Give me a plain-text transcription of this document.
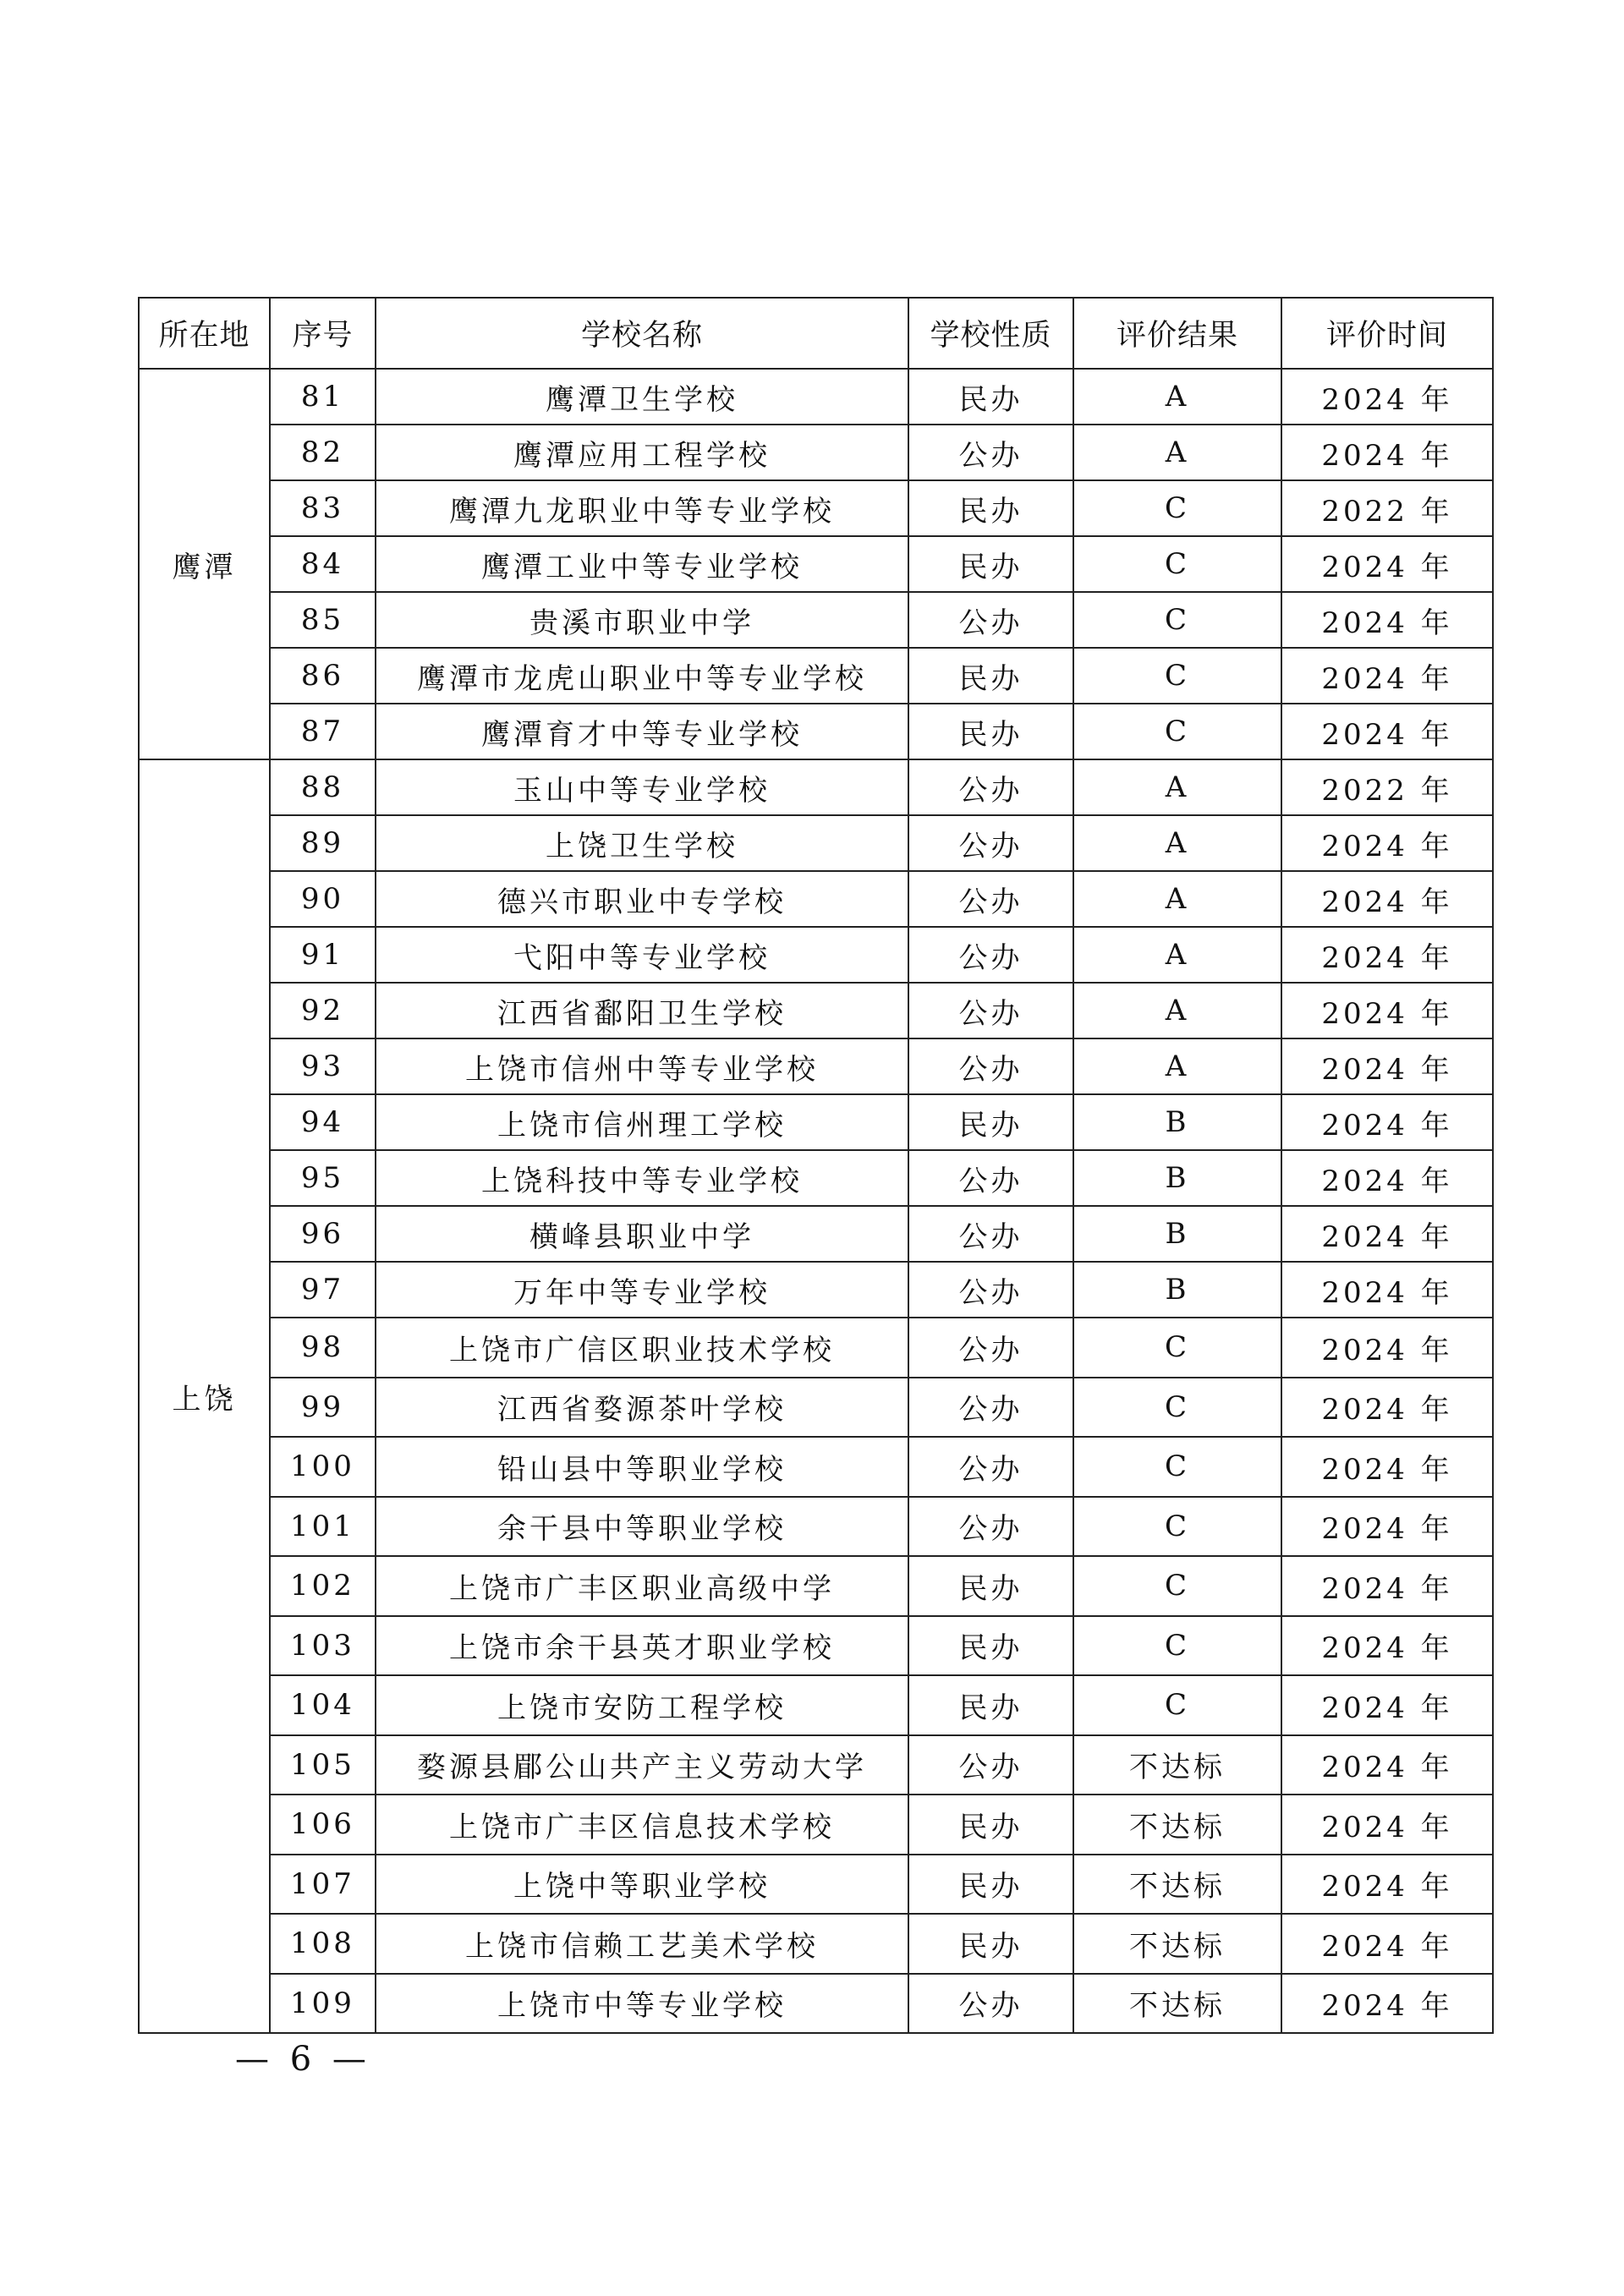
所在地	序号	学校名称	学校性质	评价结果	评价时间
鹰潭	81	鹰潭卫生学校	民办	A	2024 年
	82	鹰潭应用工程学校	公办	A	2024 年
	83	鹰潭九龙职业中等专业学校	民办	C	2022 年
	84	鹰潭工业中等专业学校	民办	C	2024 年
	85	贵溪市职业中学	公办	C	2024 年
	86	鹰潭市龙虎山职业中等专业学校	民办	C	2024 年
	87	鹰潭育才中等专业学校	民办	C	2024 年
上饶	88	玉山中等专业学校	公办	A	2022 年
	89	上饶卫生学校	公办	A	2024 年
	90	德兴市职业中专学校	公办	A	2024 年
	91	弋阳中等专业学校	公办	A	2024 年
	92	江西省鄱阳卫生学校	公办	A	2024 年
	93	上饶市信州中等专业学校	公办	A	2024 年
	94	上饶市信州理工学校	民办	B	2024 年
	95	上饶科技中等专业学校	公办	B	2024 年
	96	横峰县职业中学	公办	B	2024 年
	97	万年中等专业学校	公办	B	2024 年
	98	上饶市广信区职业技术学校	公办	C	2024 年
	99	江西省婺源茶叶学校	公办	C	2024 年
	100	铅山县中等职业学校	公办	C	2024 年
	101	余干县中等职业学校	公办	C	2024 年
	102	上饶市广丰区职业高级中学	民办	C	2024 年
	103	上饶市余干县英才职业学校	民办	C	2024 年
	104	上饶市安防工程学校	民办	C	2024 年
	105	婺源县郿公山共产主义劳动大学	公办	不达标	2024 年
	106	上饶市广丰区信息技术学校	民办	不达标	2024 年
	107	上饶中等职业学校	民办	不达标	2024 年
	108	上饶市信赖工艺美术学校	民办	不达标	2024 年
	109	上饶市中等专业学校	公办	不达标	2024 年
— 6 —
